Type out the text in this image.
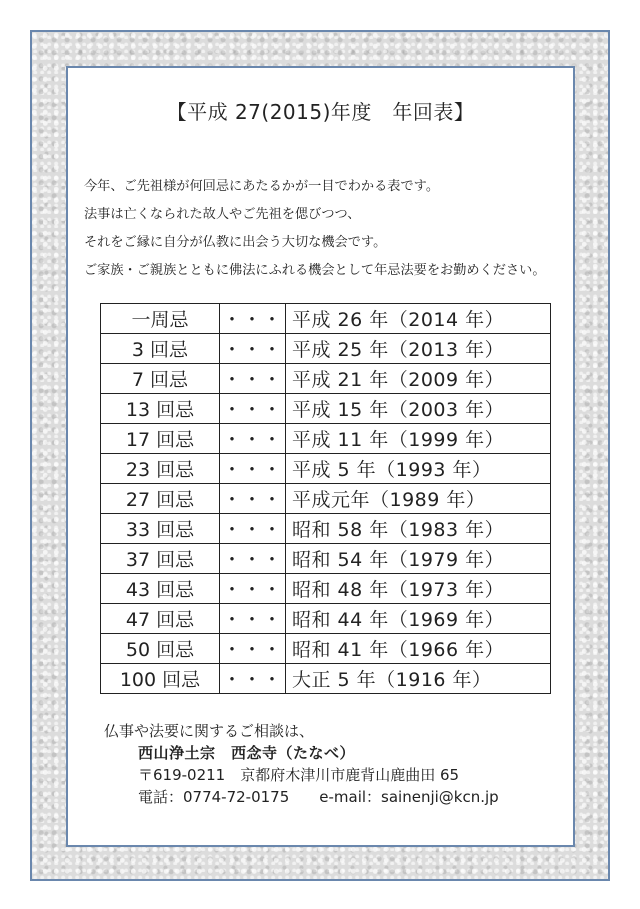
【平成 27(2015)年度　年回表】
今年、ご先祖様が何回忌にあたるかが一目でわかる表です。
法事は亡くなられた故人やご先祖を偲びつつ、
それをご縁に自分が仏教に出会う大切な機会です。
ご家族・ご親族とともに佛法にふれる機会として年忌法要をお勤めください。
一周忌	・・・	平成 26 年（2014 年）
3 回忌	・・・	平成 25 年（2013 年）
7 回忌	・・・	平成 21 年（2009 年）
13 回忌	・・・	平成 15 年（2003 年）
17 回忌	・・・	平成 11 年（1999 年）
23 回忌	・・・	平成 5 年（1993 年）
27 回忌	・・・	平成元年（1989 年）
33 回忌	・・・	昭和 58 年（1983 年）
37 回忌	・・・	昭和 54 年（1979 年）
43 回忌	・・・	昭和 48 年（1973 年）
47 回忌	・・・	昭和 44 年（1969 年）
50 回忌	・・・	昭和 41 年（1966 年）
100 回忌	・・・	大正 5 年（1916 年）
仏事や法要に関するご相談は、
西山浄土宗　西念寺（たなべ）
〒619-0211　京都府木津川市鹿背山鹿曲田 65
電話：0774-72-0175　　e-mail：sainenji@kcn.jp
